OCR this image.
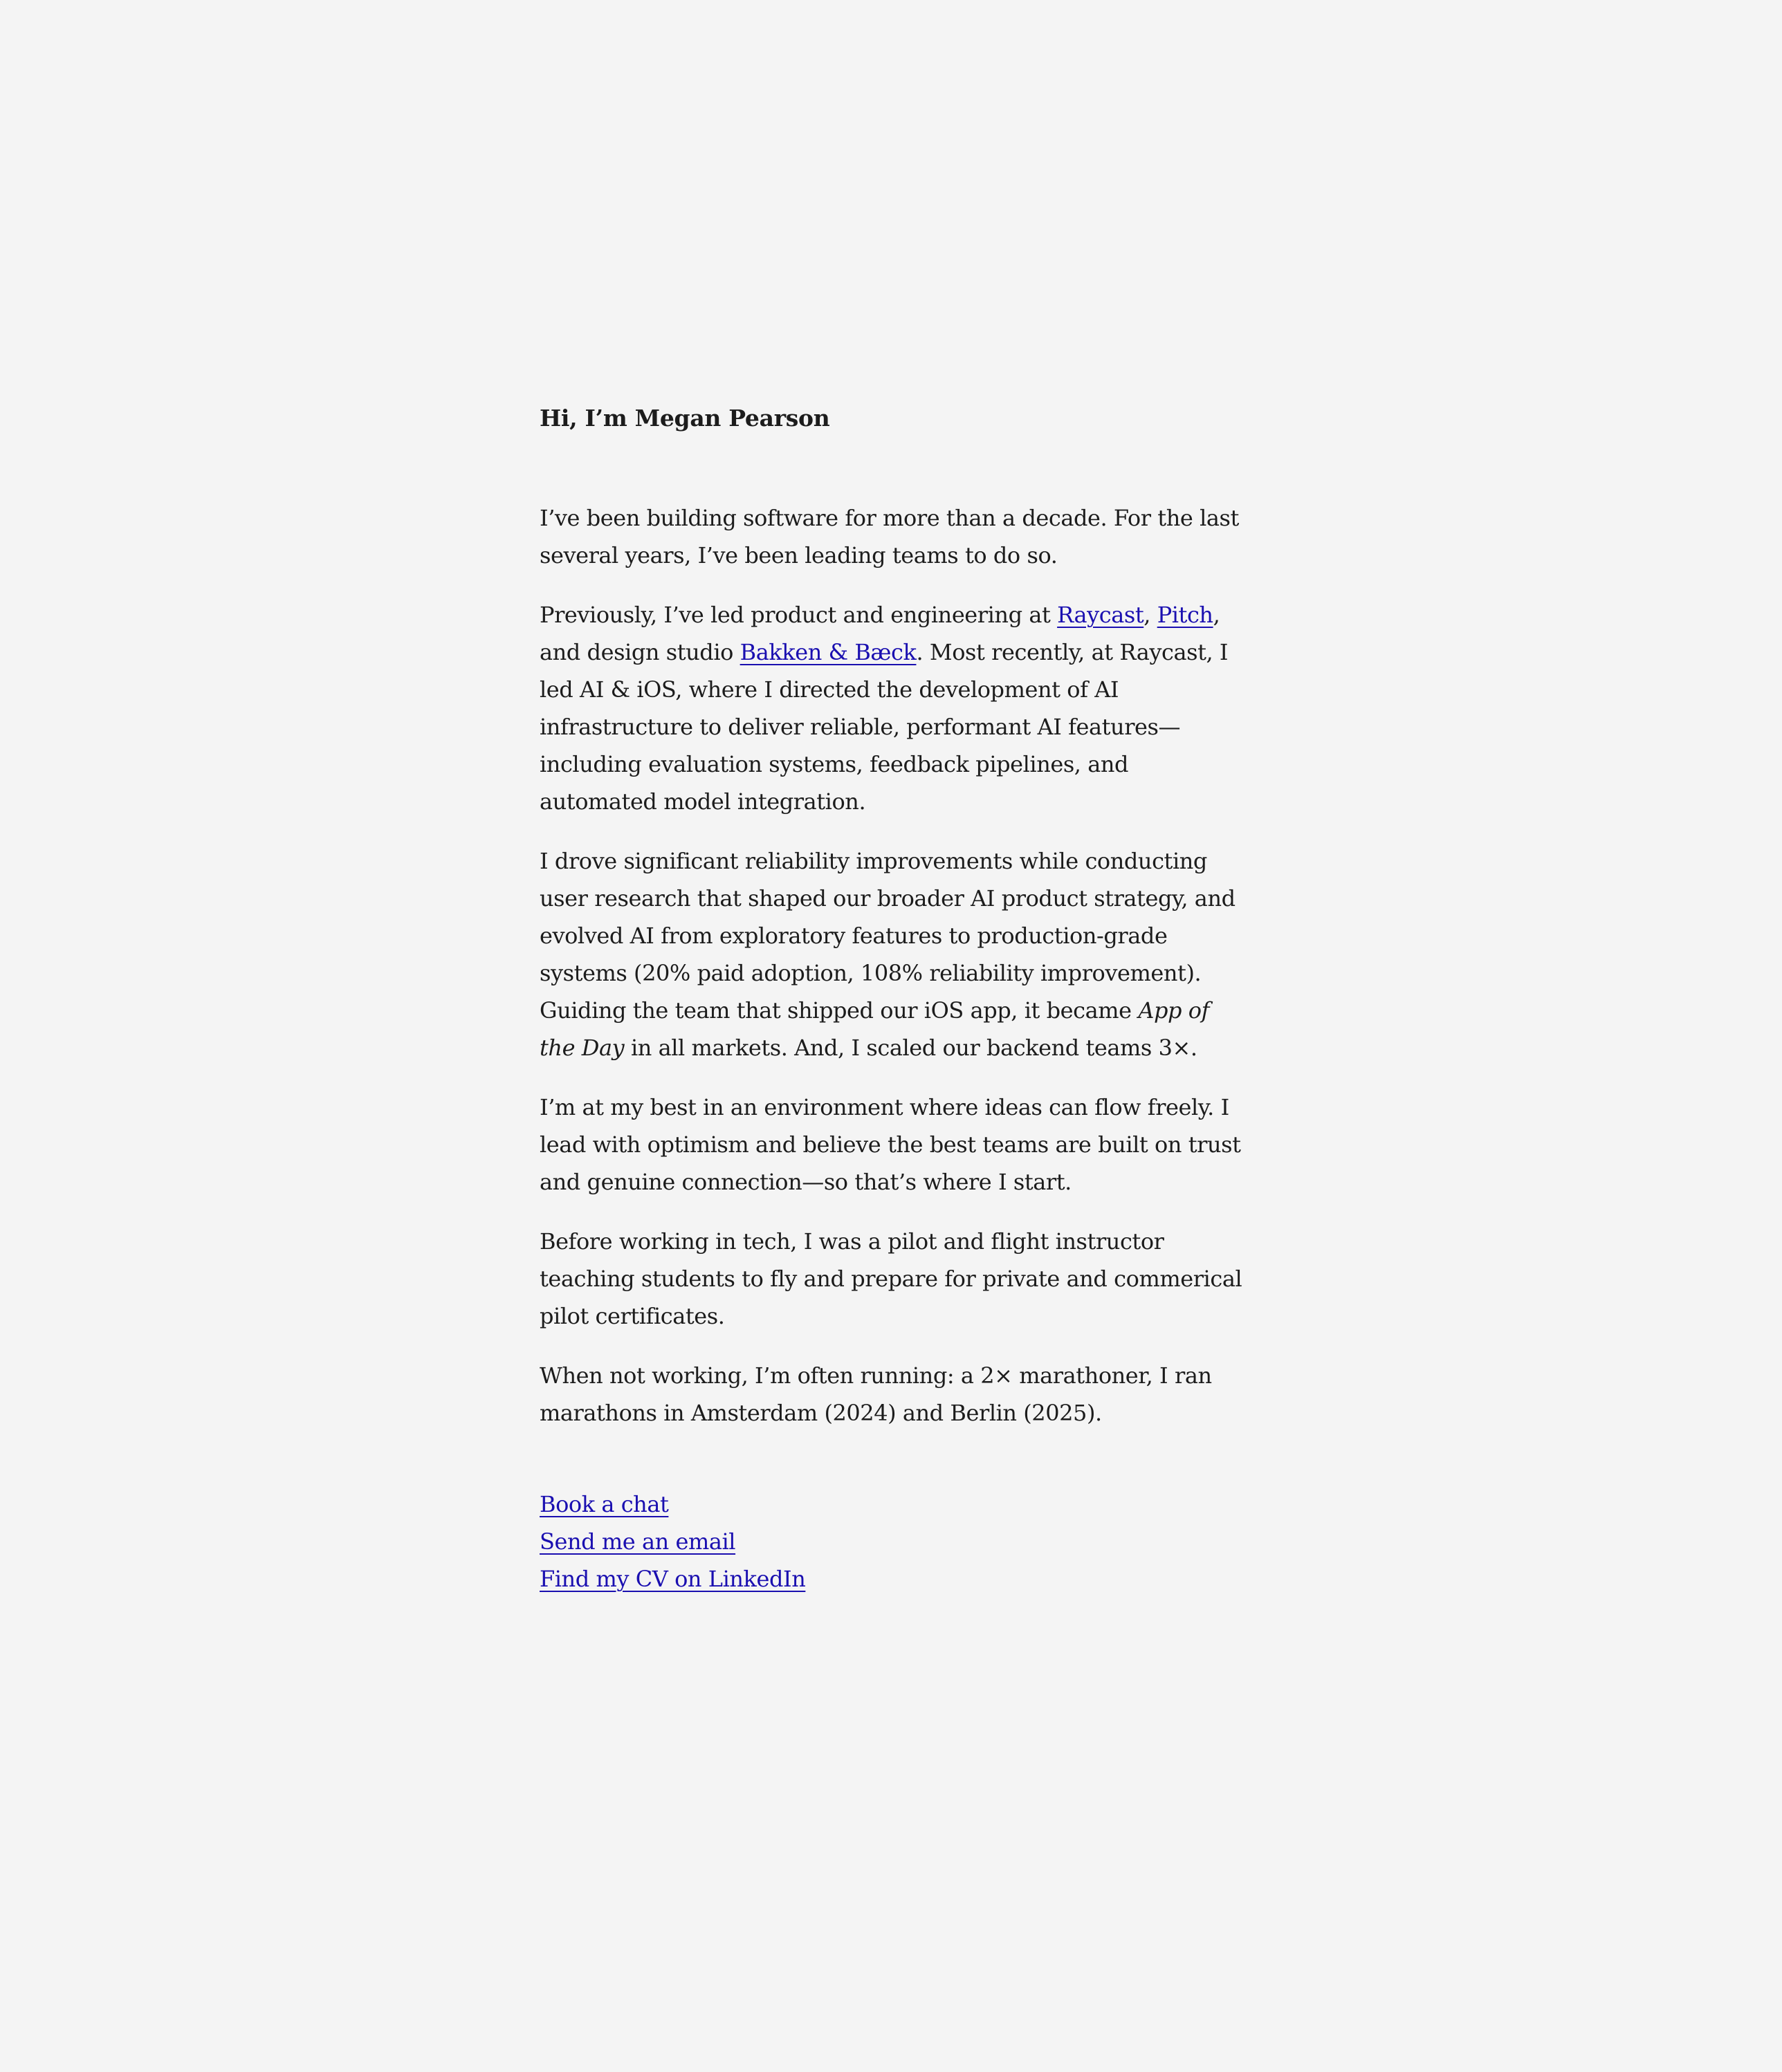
Hi, I’m Megan Pearson

I’ve been building software for more than a decade. For the last several years, I’ve been leading teams to do so.

Previously, I’ve led product and engineering at Raycast, Pitch, and design studio Bakken & Bæck. Most recently, at Raycast, I led AI & iOS, where I directed the development of AI infrastructure to deliver reliable, performant AI features—including evaluation systems, feedback pipelines, and automated model integration.

I drove significant reliability improvements while conducting user research that shaped our broader AI product strategy, and evolved AI from exploratory features to production-grade systems (20% paid adoption, 108% reliability improvement). Guiding the team that shipped our iOS app, it became App of the Day in all markets. And, I scaled our backend teams 3×.

I’m at my best in an environment where ideas can flow freely. I lead with optimism and believe the best teams are built on trust and genuine connection—so that’s where I start.

Before working in tech, I was a pilot and flight instructor teaching students to fly and prepare for private and commerical pilot certificates.

When not working, I’m often running: a 2× marathoner, I ran marathons in Amsterdam (2024) and Berlin (2025).

Book a chat
Send me an email
Find my CV on LinkedIn
